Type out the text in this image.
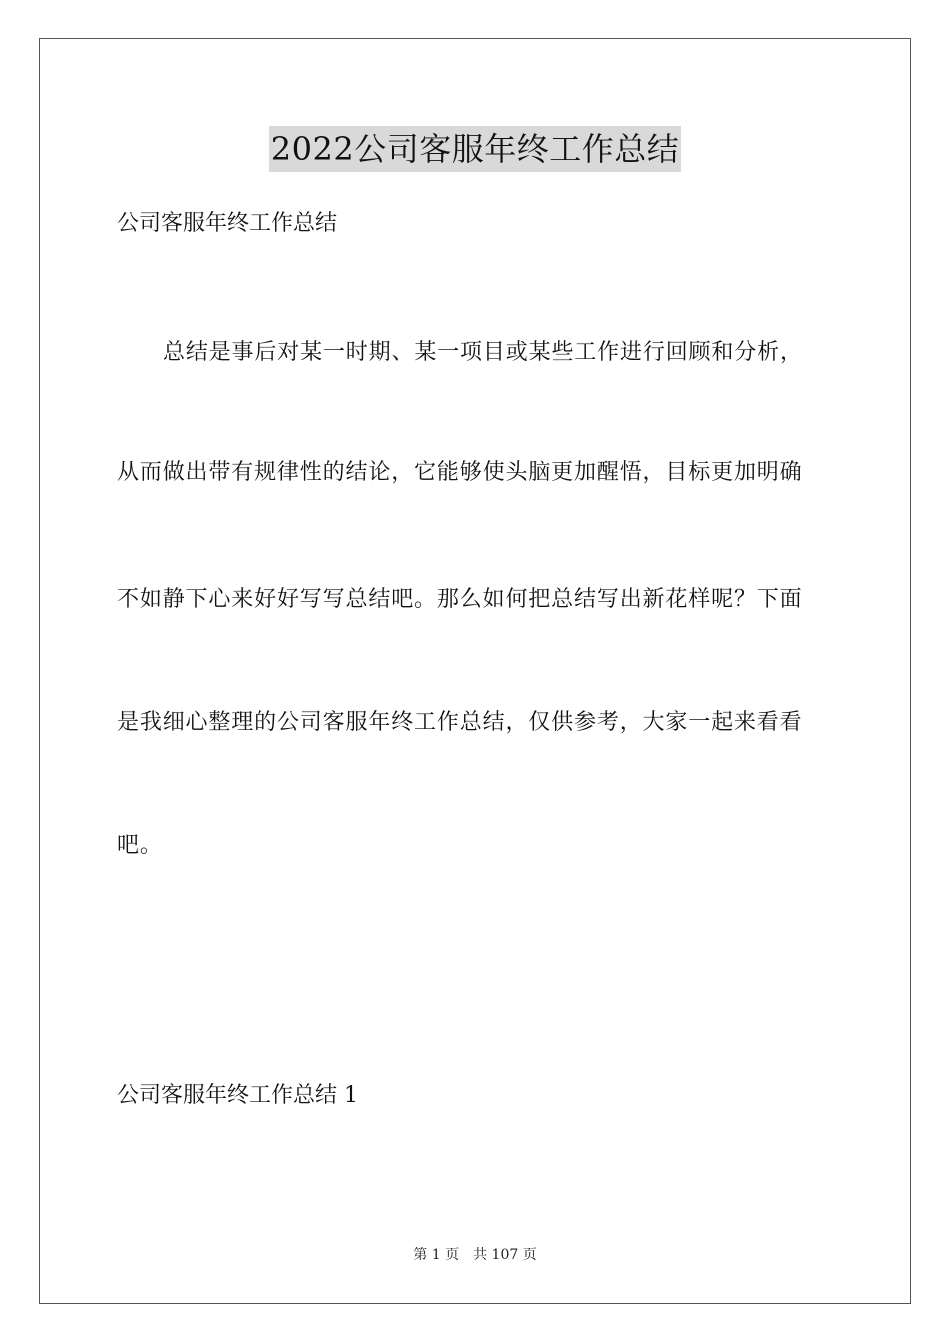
2022公司客服年终工作总结
公司客服年终工作总结
总结是事后对某一时期、某一项目或某些工作进行回顾和分析，
从而做出带有规律性的结论，它能够使头脑更加醒悟，目标更加明确
不如静下心来好好写写总结吧。那么如何把总结写出新花样呢？下面
是我细心整理的公司客服年终工作总结，仅供参考，大家一起来看看
吧。
公司客服年终工作总结 1
第 1 页 共 107 页
